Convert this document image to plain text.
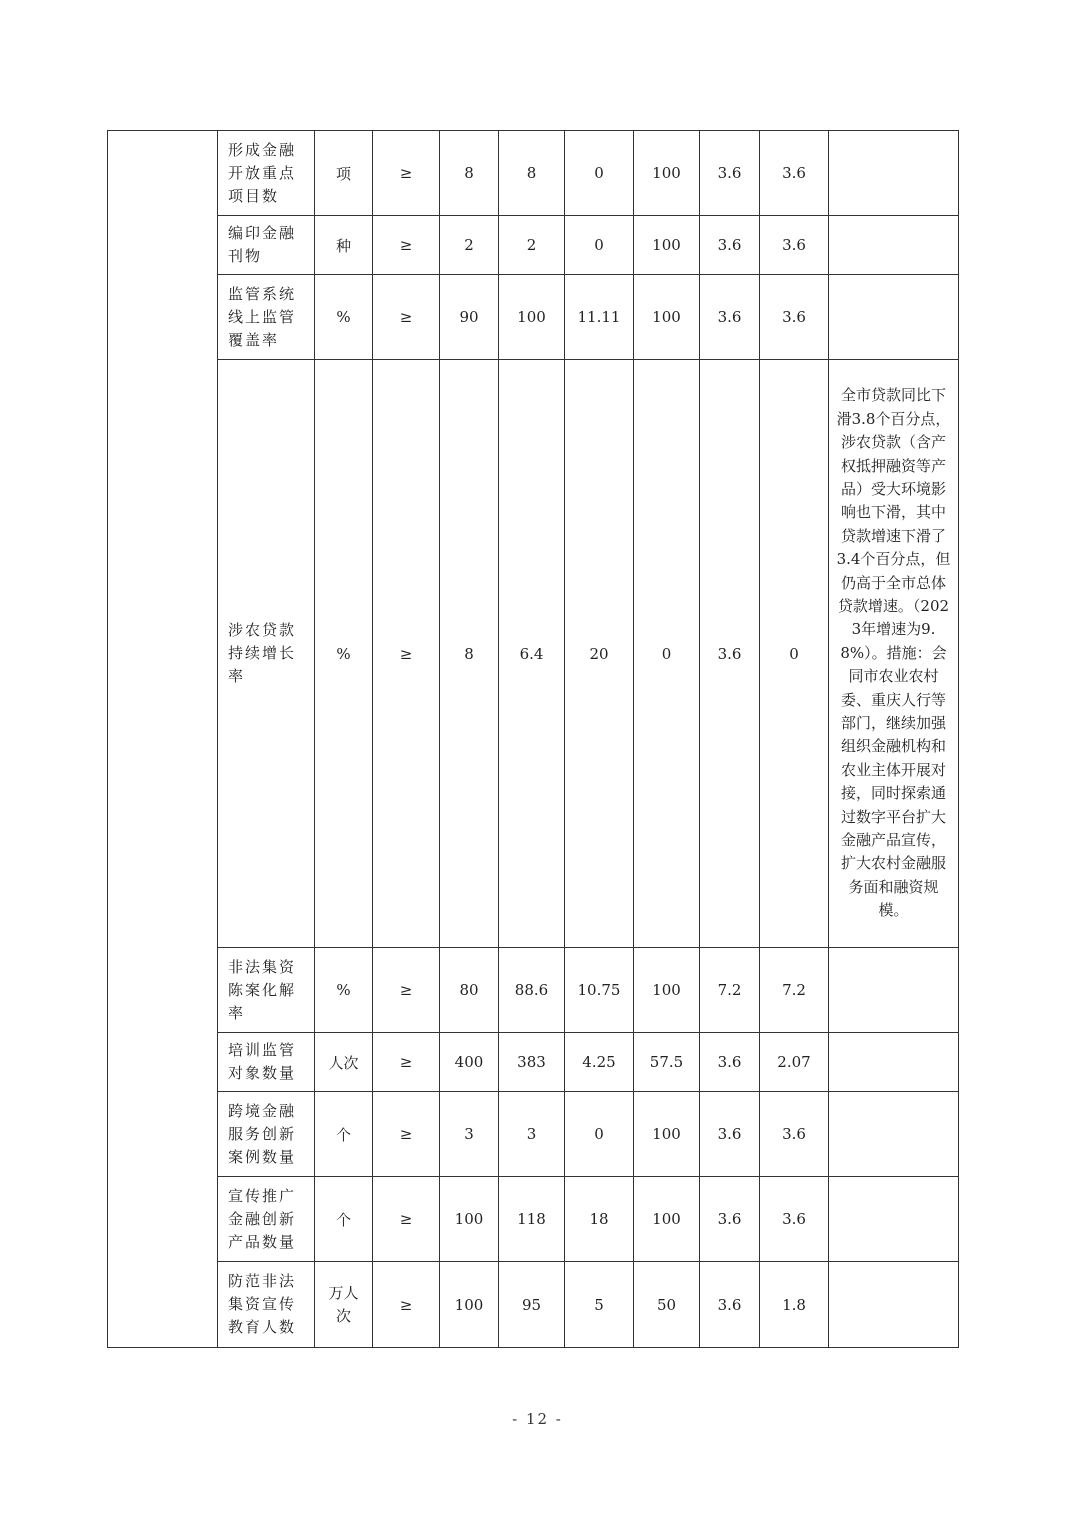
	形成金融开放重点项目数	项	≥	8	8	0	100	3.6	3.6	
	编印金融刊物	种	≥	2	2	0	100	3.6	3.6	
	监管系统线上监管覆盖率	%	≥	90	100	11.11	100	3.6	3.6	
	涉农贷款持续增长率	%	≥	8	6.4	20	0	3.6	0	全市贷款同比下滑3.8个百分点，涉农贷款（含产权抵押融资等产品）受大环境影响也下滑，其中贷款增速下滑了3.4个百分点，但仍高于全市总体贷款增速。（2023年增速为9.8%）。措施：会同市农业农村委、重庆人行等部门，继续加强组织金融机构和农业主体开展对接，同时探索通过数字平台扩大金融产品宣传，扩大农村金融服务面和融资规模。
	非法集资陈案化解率	%	≥	80	88.6	10.75	100	7.2	7.2	
	培训监管对象数量	人次	≥	400	383	4.25	57.5	3.6	2.07	
	跨境金融服务创新案例数量	个	≥	3	3	0	100	3.6	3.6	
	宣传推广金融创新产品数量	个	≥	100	118	18	100	3.6	3.6	
	防范非法集资宣传教育人数	万人次	≥	100	95	5	50	3.6	1.8	
- 12 -
